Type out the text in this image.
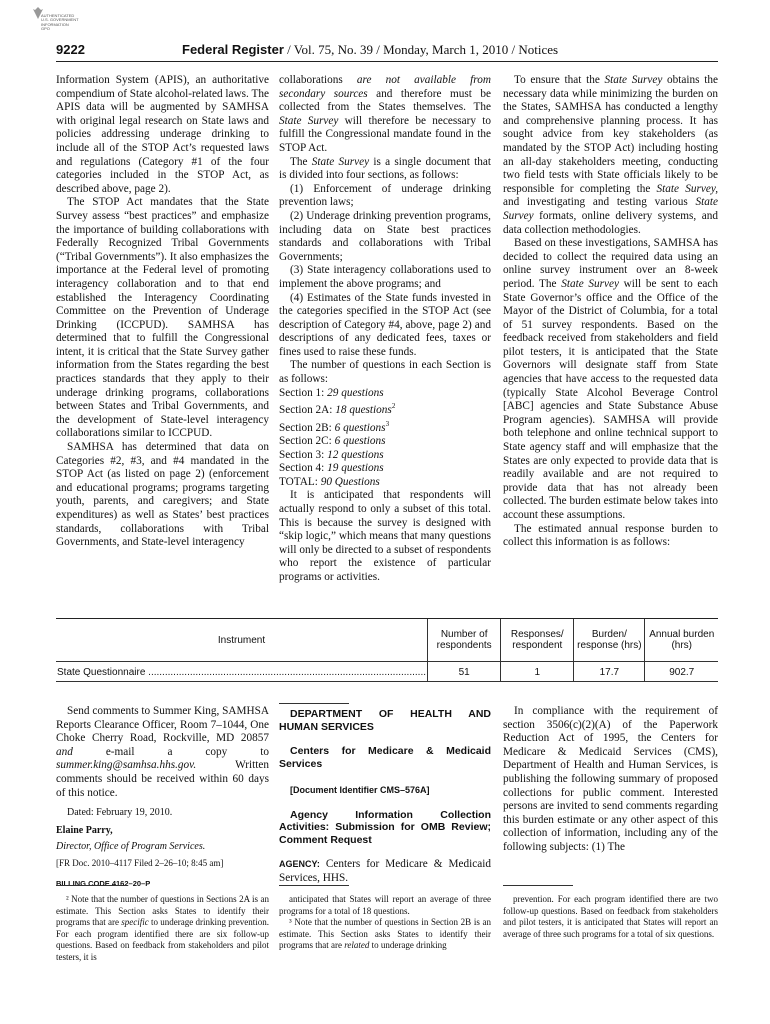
AUTHENTICATED
U.S. GOVERNMENT
INFORMATION
GPO
9222	Federal Register / Vol. 75, No. 39 / Monday, March 1, 2010 / Notices

Information System (APIS), an authoritative compendium of State alcohol-related laws. The APIS data will be augmented by SAMHSA with original legal research on State laws and policies addressing underage drinking to include all of the STOP Act’s requested laws and regulations (Category #1 of the four categories included in the STOP Act, as described above, page 2).

The STOP Act mandates that the State Survey assess “best practices” and emphasize the importance of building collaborations with Federally Recognized Tribal Governments (“Tribal Governments”). It also emphasizes the importance at the Federal level of promoting interagency collaboration and to that end established the Interagency Coordinating Committee on the Prevention of Underage Drinking (ICCPUD). SAMHSA has determined that to fulfill the Congressional intent, it is critical that the State Survey gather information from the States regarding the best practices standards that they apply to their underage drinking programs, collaborations between States and Tribal Governments, and the development of State-level interagency collaborations similar to ICCPUD.

SAMHSA has determined that data on Categories #2, #3, and #4 mandated in the STOP Act (as listed on page 2) (enforcement and educational programs; programs targeting youth, parents, and caregivers; and State expenditures) as well as States’ best practices standards, collaborations with Tribal Governments, and State-level interagency

collaborations are not available from secondary sources and therefore must be collected from the States themselves. The State Survey will therefore be necessary to fulfill the Congressional mandate found in the STOP Act.

The State Survey is a single document that is divided into four sections, as follows:

(1) Enforcement of underage drinking prevention laws;

(2) Underage drinking prevention programs, including data on State best practices standards and collaborations with Tribal Governments;

(3) State interagency collaborations used to implement the above programs; and

(4) Estimates of the State funds invested in the categories specified in the STOP Act (see description of Category #4, above, page 2) and descriptions of any dedicated fees, taxes or fines used to raise these funds.

The number of questions in each Section is as follows:

Section 1: 29 questions
Section 2A: 18 questions$^2$
Section 2B: 6 questions$^3$
Section 2C: 6 questions
Section 3: 12 questions
Section 4: 19 questions
TOTAL: 90 Questions

It is anticipated that respondents will actually respond to only a subset of this total. This is because the survey is designed with “skip logic,” which means that many questions will only be directed to a subset of respondents who report the existence of particular programs or activities.

To ensure that the State Survey obtains the necessary data while minimizing the burden on the States, SAMHSA has conducted a lengthy and comprehensive planning process. It has sought advice from key stakeholders (as mandated by the STOP Act) including hosting an all-day stakeholders meeting, conducting two field tests with State officials likely to be responsible for completing the State Survey, and investigating and testing various State Survey formats, online delivery systems, and data collection methodologies.

Based on these investigations, SAMHSA has decided to collect the required data using an online survey instrument over an 8-week period. The State Survey will be sent to each State Governor’s office and the Office of the Mayor of the District of Columbia, for a total of 51 survey respondents. Based on the feedback received from stakeholders and field pilot testers, it is anticipated that the State Governors will designate staff from State agencies that have access to the requested data (typically State Alcohol Beverage Control [ABC] agencies and State Substance Abuse Program agencies). SAMHSA will provide both telephone and online technical support to State agency staff and will emphasize that the States are only expected to provide data that is readily available and are not required to provide data that has not already been collected. The burden estimate below takes into account these assumptions.

The estimated annual response burden to collect this information is as follows:

Instrument	Number of respondents	Responses/ respondent	Burden/ response (hrs)	Annual burden (hrs)
State Questionnaire ....................................................................................................	51	1	17.7	902.7

Send comments to Summer King, SAMHSA Reports Clearance Officer, Room 7–1044, One Choke Cherry Road, Rockville, MD 20857 and e-mail a copy to summer.king@samhsa.hhs.gov. Written comments should be received within 60 days of this notice.

Dated: February 19, 2010.

Elaine Parry,

Director, Office of Program Services.

[FR Doc. 2010–4117 Filed 2–26–10; 8:45 am]

BILLING CODE 4162–20–P

DEPARTMENT OF HEALTH AND HUMAN SERVICES

Centers for Medicare & Medicaid Services

[Document Identifier CMS–576A]

Agency Information Collection Activities: Submission for OMB Review; Comment Request

AGENCY: Centers for Medicare & Medicaid Services, HHS.

In compliance with the requirement of section 3506(c)(2)(A) of the Paperwork Reduction Act of 1995, the Centers for Medicare & Medicaid Services (CMS), Department of Health and Human Services, is publishing the following summary of proposed collections for public comment. Interested persons are invited to send comments regarding this burden estimate or any other aspect of this collection of information, including any of the following subjects: (1) The

² Note that the number of questions in Sections 2A is an estimate. This Section asks States to identify their programs that are specific to underage drinking prevention. For each program identified there are six follow-up questions. Based on feedback from stakeholders and pilot testers, it is

anticipated that States will report an average of three programs for a total of 18 questions.

³ Note that the number of questions in Section 2B is an estimate. This Section asks States to identify their programs that are related to underage drinking

prevention. For each program identified there are two follow-up questions. Based on feedback from stakeholders and pilot testers, it is anticipated that States will report an average of three such programs for a total of six questions.
